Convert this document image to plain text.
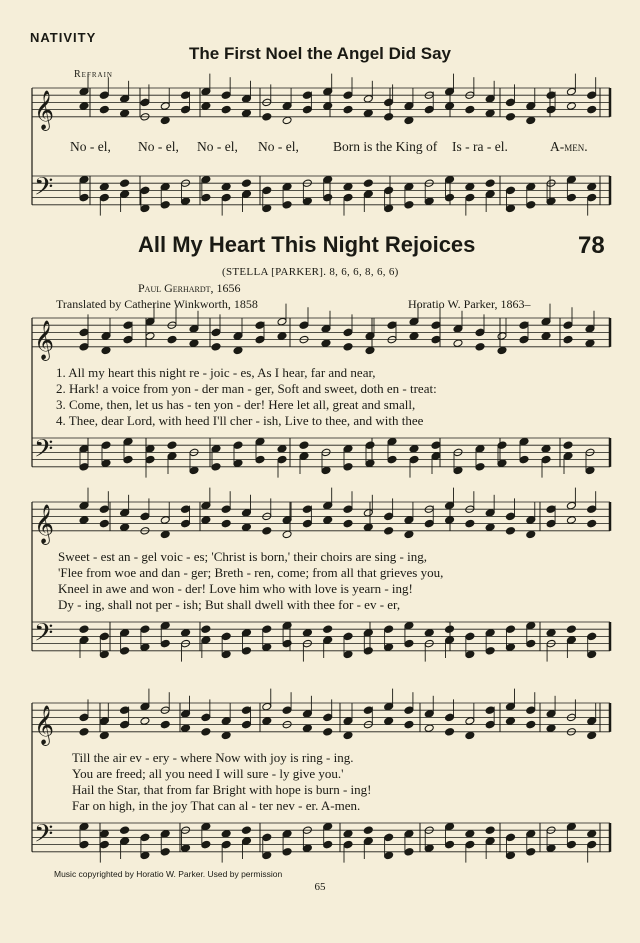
NATIVITY
The First Noel the Angel Did Say
Refrain
𝄞
𝄢
𝄞
𝄢
𝄞
𝄢
𝄞
𝄢
No - el, No - el, No - el, No - el,	Born is the King of Is - ra - el.	A-men.
All My Heart This Night Rejoices	78
(STELLA [PARKER]. 8, 6, 6, 8, 6, 6)
Paul Gerhardt, 1656
Translated by Catherine Winkworth, 1858	Horatio W. Parker, 1863–
1. All my heart this night re - joic - es, As I hear, far and near,
2. Hark! a voice from yon - der man - ger, Soft and sweet, doth en - treat:
3. Come, then, let us has - ten yon - der! Here let all, great and small,
4. Thee, dear Lord, with heed I'll cher - ish, Live to thee, and with thee
Sweet - est an - gel voic - es; 'Christ is born,' their choirs are sing - ing,
'Flee from woe and dan - ger; Breth - ren, come; from all that grieves you,
Kneel in awe and won - der! Love him who with love is yearn - ing!
Dy - ing, shall not per - ish; But shall dwell with thee for - ev - er,
Till the air ev - ery - where Now with joy is ring - ing.
You are freed; all you need I will sure - ly give you.'
Hail the Star, that from far Bright with hope is burn - ing!
Far on high, in the joy That can al - ter nev - er. A-men.
Music copyrighted by Horatio W. Parker. Used by permission
65
